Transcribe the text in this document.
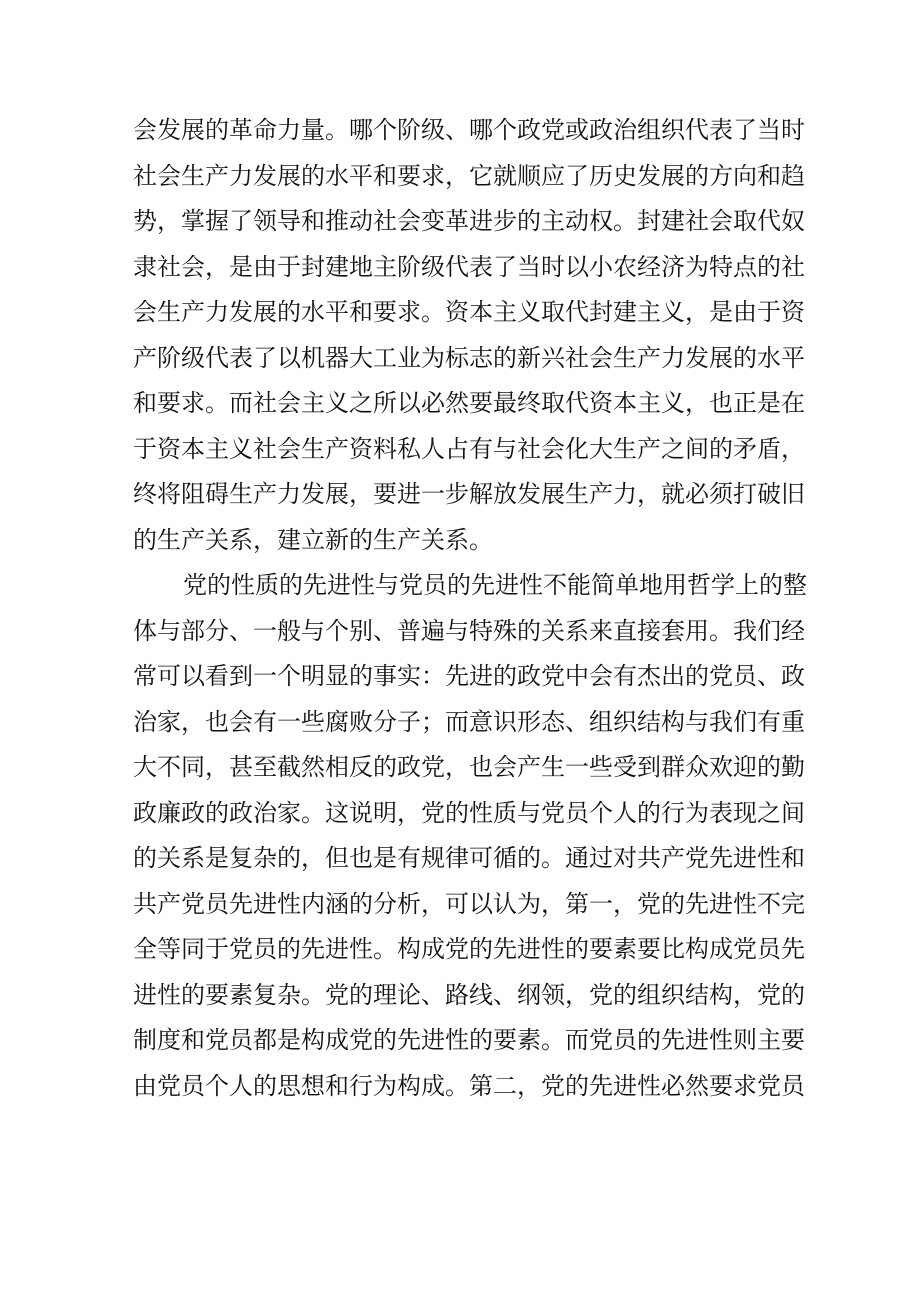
会发展的革命力量。哪个阶级、哪个政党或政治组织代表了当时
社会生产力发展的水平和要求，它就顺应了历史发展的方向和趋
势，掌握了领导和推动社会变革进步的主动权。封建社会取代奴
隶社会，是由于封建地主阶级代表了当时以小农经济为特点的社
会生产力发展的水平和要求。资本主义取代封建主义，是由于资
产阶级代表了以机器大工业为标志的新兴社会生产力发展的水平
和要求。而社会主义之所以必然要最终取代资本主义，也正是在
于资本主义社会生产资料私人占有与社会化大生产之间的矛盾，
终将阻碍生产力发展，要进一步解放发展生产力，就必须打破旧
的生产关系，建立新的生产关系。
党的性质的先进性与党员的先进性不能简单地用哲学上的整
体与部分、一般与个别、普遍与特殊的关系来直接套用。我们经
常可以看到一个明显的事实：先进的政党中会有杰出的党员、政
治家，也会有一些腐败分子；而意识形态、组织结构与我们有重
大不同，甚至截然相反的政党，也会产生一些受到群众欢迎的勤
政廉政的政治家。这说明，党的性质与党员个人的行为表现之间
的关系是复杂的，但也是有规律可循的。通过对共产党先进性和
共产党员先进性内涵的分析，可以认为，第一，党的先进性不完
全等同于党员的先进性。构成党的先进性的要素要比构成党员先
进性的要素复杂。党的理论、路线、纲领，党的组织结构，党的
制度和党员都是构成党的先进性的要素。而党员的先进性则主要
由党员个人的思想和行为构成。第二，党的先进性必然要求党员
